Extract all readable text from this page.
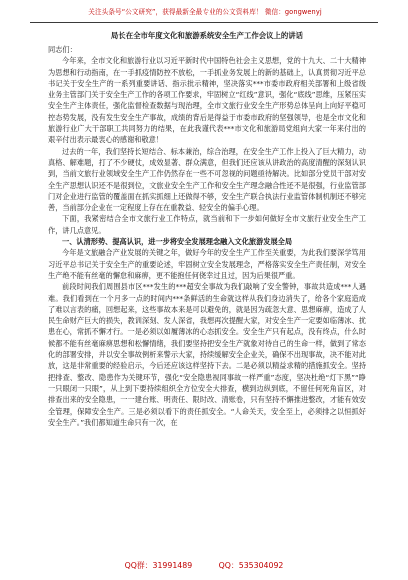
关注头条号“公文研究”，获得最新全最专业的公文资料库！ 微信：gongwenyj
局长在全市年度文化和旅游系统安全生产工作会议上的讲话

同志们：

今年来，全市文化和旅游行业以习近平新时代中国特色社会主义思想，党的十九大、二十大精神为思想和行动指南，在一手抓疫情防控不放松，一手抓业务发展上的新的基础上，认真贯彻习近平总书记关于安全生产的一系列重要讲话、指示批示精神，坚决落实***市委市政府相关部署和上级省级业务主管部门关于安全生产工作的各项工作要求，牢固树立“红线”意识，强化“底线”思维，压紧压实安全生产主体责任，强化监督检查数据与现治理，全市文旅行业安全生产形势总体呈向上向好平稳可控态势发展，没有发生安全生产事故，成绩的背后是得益于市委市政府的坚强领导，也是全市文化和旅游行业广大干部职工共同努力的结果，在此我谨代表***市文化和旅游局党组向大家一年来付出的艰辛付出表示最衷心的感谢和敬意！

过去的一年，我们坚持长短结合、标本兼治，综合治理，在安全生产工作上投入了巨大精力，动真格、解难题，打了不少硬仗，成效显著、群众满意，但我们还应该从讲政治的高度清醒的深刻认识到，当前文旅行业领域安全生产工作仍然存在一些不可忽视的问题亟待解决。比如部分党员干部对安全生产思想认识还不是很到位，文旅业安全生产工作和安全生产理念融合性还不是很强，行业监管部门对企业进行监管的覆盖面在抓实抓细上还做得不够，安全生产联合执法行业监管体制机制还不够完善，当前部分企业在一定程度上存在在重教益、轻安全的偏手心理。

下面，我紧密结合全市文旅行业工作特点，就当前和下一步如何做好全市文旅行业安全生产工作，讲几点意见。

一、认清形势、提高认识，进一步将安全发展理念融入文化旅游发展全局

今年是文旅融合产业发展的关键之年，做好今年的安全生产工作至关重要，为此我们要深学笃用习近平总书记关于安全生产的重要论述，牢固树立安全发展理念，严格落实安全生产责任制，对安全生产绝不能有丝毫的懈怠和麻痹，更不能抱任何侥幸过且过，因为后果很严重。

前段时间我们周围县市区***发生的***超安全事故为我们敲响了安全警钟，事故共造成***人遇难。我们看到在一个月多一点的时间内***条鲜活的生命就这样从我们身边消失了，给各个家庭造成了难以言表的痛，回想起来，这些事故本来是可以避免的，就是因为疏忽大意、思想麻痹，造成了人民生命财产巨大的损失，教训深刻、发人深省，我想再次提醒大家，对安全生产一定要如临薄冰、扰患在心，常抓不懈才行。一是必须以如履薄冰的心态抓安全。安全生产只有起点，没有终点，什么时候都不能有丝毫麻痹思想和松懈情绪，我们要坚持把安全生产就象对待自己的生命一样，做到了常态化的部署安排，并以安全事故例析来警示大家，持续缓解安全企业关，确保不出现事故，决不能对此放，这是非常重要的经验启示，今后还应该这样坚持下去。二是必须以精益求精的措施抓安全。坚持把排查、整改、隐患作为关键环节，强化“安全隐患视同事故一样严重”态度，坚决杜绝“灯下黑”“睁一只眼闭一只眼”，从上到下要持续组织全方位安全大排查，横到边纵到底，不留任何死角盲区，对排查出来的安全隐患，一一建台账、明责任、限时改、清账卷，只有坚持不懈推进整改，才能有效安全管理，保障安全生产。三是必须以看下的责任抓安全。“人命关天，安全至上，必须排之以恒抓好安全生产。”我们都知道生命只有一次，在

QQ群：31991489	QQ：535304092
